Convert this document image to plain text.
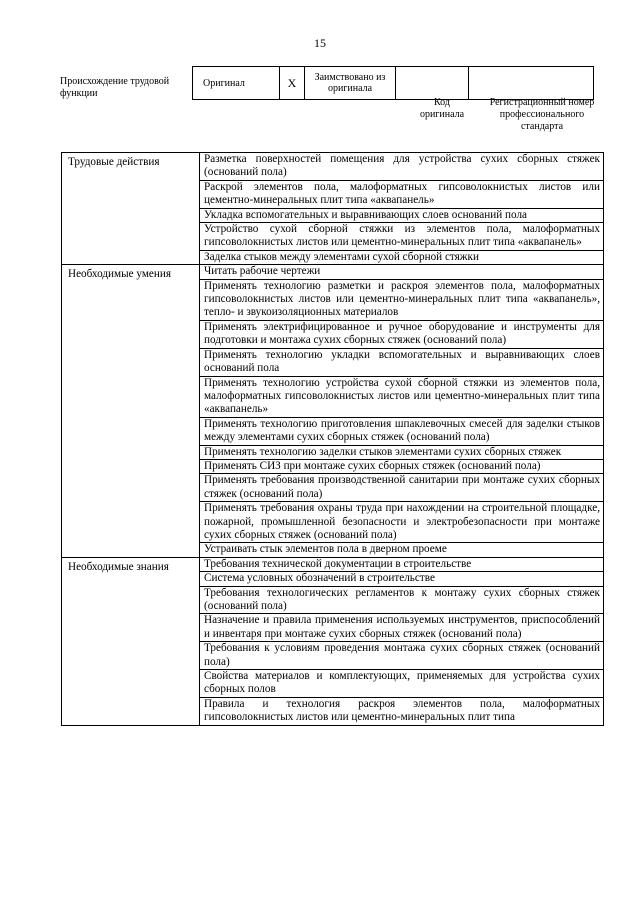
15
Происхождение трудовой функции
Оригинал	X	Заимствовано из оригинала		
Код оригинала
Регистрационный номер профессионального стандарта
Трудовые действия	Разметка поверхностей помещения для устройства сухих сборных стяжек (оснований пола)
	Раскрой элементов пола, малоформатных гипсоволокнистых листов или цементно-минеральных плит типа «аквапанель»
	Укладка вспомогательных и выравнивающих слоев оснований пола
	Устройство сухой сборной стяжки из элементов пола, малоформатных гипсоволокнистых листов или цементно-минеральных плит типа «аквапанель»
	Заделка стыков между элементами сухой сборной стяжки
Необходимые умения	Читать рабочие чертежи
	Применять технологию разметки и раскроя элементов пола, малоформатных гипсоволокнистых листов или цементно-минеральных плит типа «аквапанель», тепло- и звукоизоляционных материалов
	Применять электрифицированное и ручное оборудование и инструменты для подготовки и монтажа сухих сборных стяжек (оснований пола)
	Применять технологию укладки вспомогательных и выравнивающих слоев оснований пола
	Применять технологию устройства сухой сборной стяжки из элементов пола, малоформатных гипсоволокнистых листов или цементно-минеральных плит типа «аквапанель»
	Применять технологию приготовления шпаклевочных смесей для заделки стыков между элементами сухих сборных стяжек (оснований пола)
	Применять технологию заделки стыков элементами сухих сборных стяжек
	Применять СИЗ при монтаже сухих сборных стяжек (оснований пола)
	Применять требования производственной санитарии при монтаже сухих сборных стяжек (оснований пола)
	Применять требования охраны труда при нахождении на строительной площадке, пожарной, промышленной безопасности и электробезопасности при монтаже сухих сборных стяжек (оснований пола)
	Устраивать стык элементов пола в дверном проеме
Необходимые знания	Требования технической документации в строительстве
	Система условных обозначений в строительстве
	Требования технологических регламентов к монтажу сухих сборных стяжек (оснований пола)
	Назначение и правила применения используемых инструментов, приспособлений и инвентаря при монтаже сухих сборных стяжек (оснований пола)
	Требования к условиям проведения монтажа сухих сборных стяжек (оснований пола)
	Свойства материалов и комплектующих, применяемых для устройства сухих сборных полов
	Правила и технология раскроя элементов пола, малоформатных гипсоволокнистых листов или цементно-минеральных плит типа
